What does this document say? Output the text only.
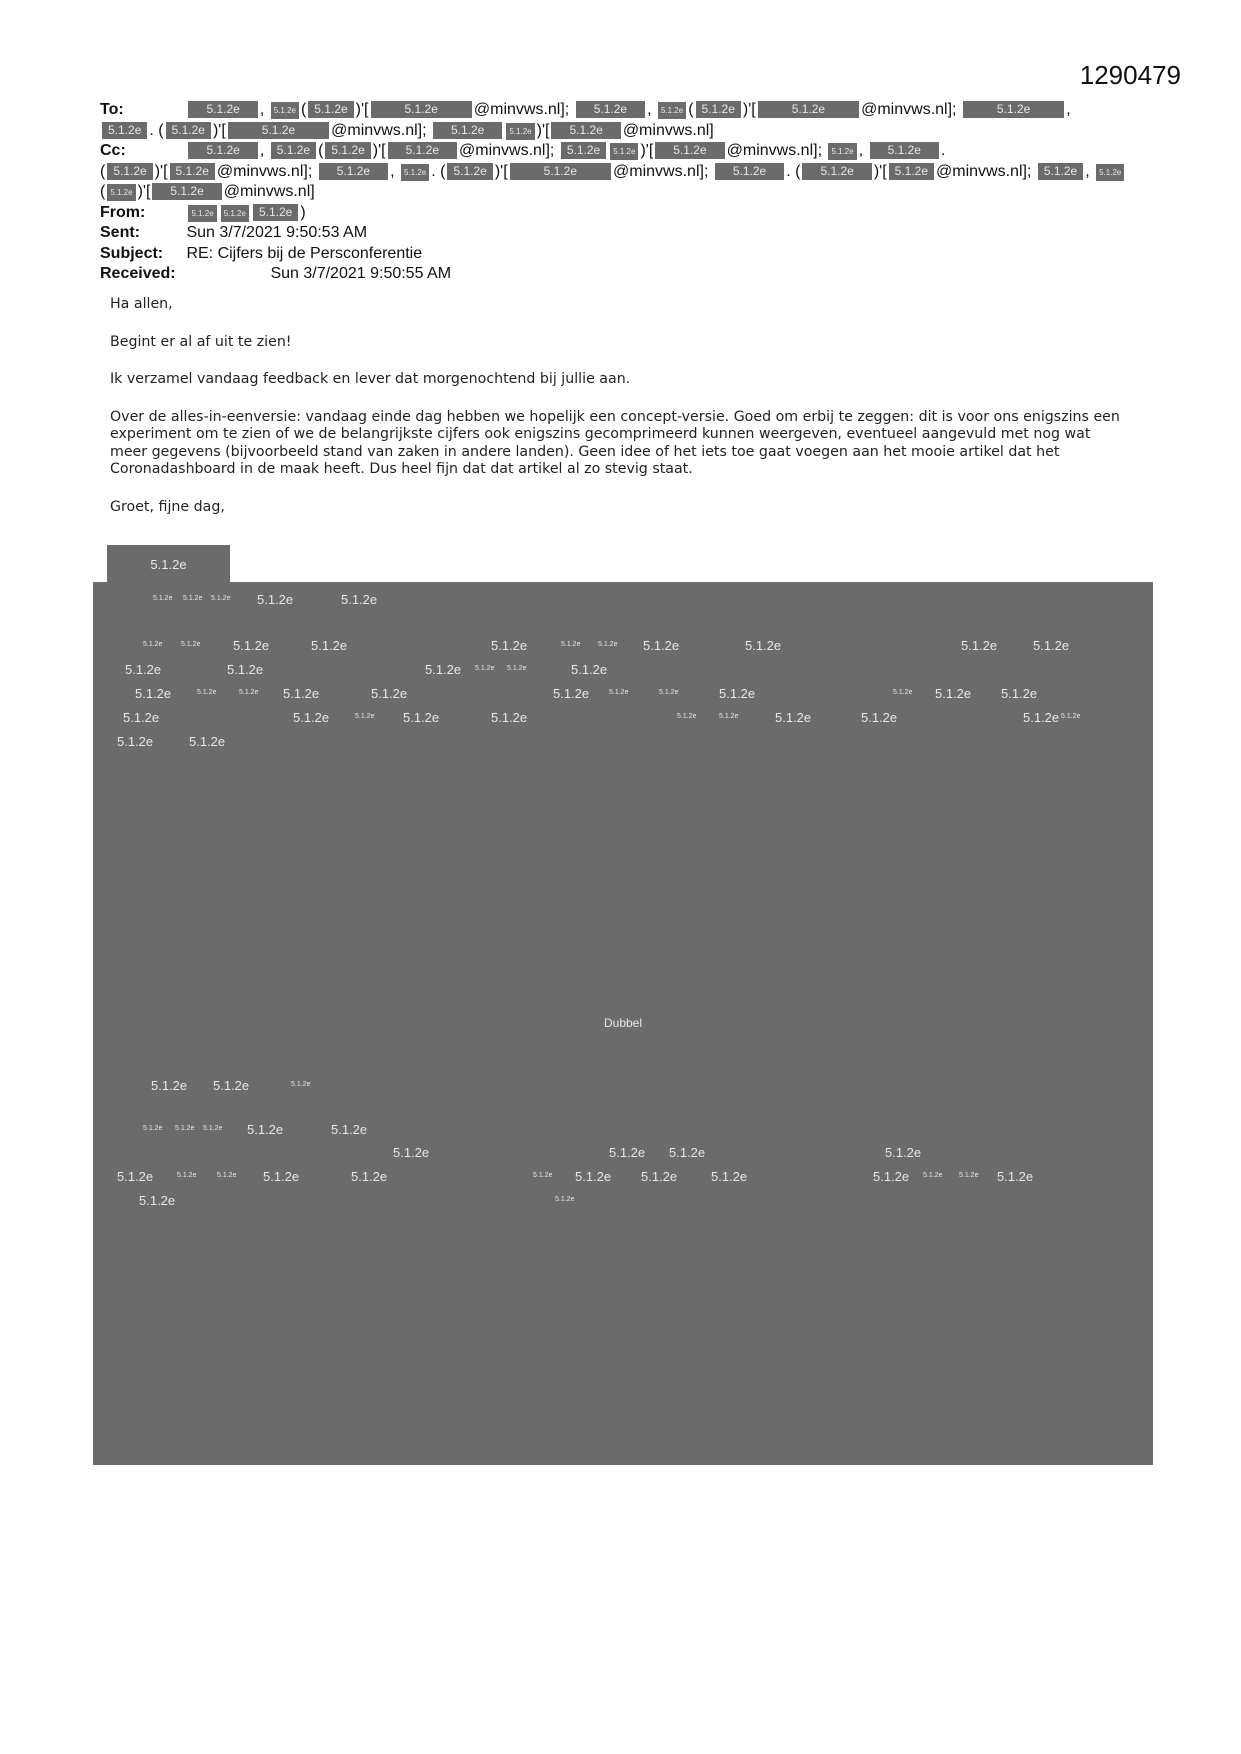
1290479
To:	5.1.2e , 5.1.2e ( 5.1.2e )'[	5.1.2e @minvws.nl]; 5.1.2e , 5.1.2e ( 5.1.2e )'[	5.1.2e @minvws.nl];	5.1.2e ,
5.1.2e . ( 5.1.2e )'[	5.1.2e @minvws.nl]; 5.1.2e	5.1.2e )'[ 5.1.2e @minvws.nl]
Cc:	5.1.2e , 5.1.2e ( 5.1.2e )'[ 5.1.2e @minvws.nl]; 5.1.2e 5.1.2e )'[ 5.1.2e @minvws.nl]; 5.1.2e , 5.1.2e .
( 5.1.2e )'[ 5.1.2e @minvws.nl]; 5.1.2e , 5.1.2e . ( 5.1.2e )'[	5.1.2e @minvws.nl]; 5.1.2e . ( 5.1.2e )'[ 5.1.2e @minvws.nl]; 5.1.2e , 5.1.2e
( 5.1.2e )'[ 5.1.2e @minvws.nl]
From:	5.1.2e 5.1.2e 5.1.2e )
Sent:	Sun 3/7/2021 9:50:53 AM
Subject: RE: Cijfers bij de Persconferentie
Received:	Sun 3/7/2021 9:50:55 AM

Ha allen,

Begint er al af uit te zien!

Ik verzamel vandaag feedback en lever dat morgenochtend bij jullie aan.

Over de alles-in-eenversie: vandaag einde dag hebben we hopelijk een concept-versie. Goed om erbij te zeggen: dit is voor ons enigszins een experiment om te zien of we de belangrijkste cijfers ook enigszins gecomprimeerd kunnen weergeven, eventueel aangevuld met nog wat meer gegevens (bijvoorbeeld stand van zaken in andere landen). Geen idee of het iets toe gaat voegen aan het mooie artikel dat het Coronadashboard in de maak heeft. Dus heel fijn dat dat artikel al zo stevig staat.

Groet, fijne dag,

5.1.2e
5.1.2e 5.1.2e 5.1.2e 5.1.2e	5.1.2e
5.1.2e	5.1.2e	5.1.2e	5.1.2e	5.1.2e	5.1.2e	5.1.2e 5.1.2e	5.1.2e	5.1.2e	5.1.2e
5.1.2e	5.1.2e	5.1.2e 5.1.2e 5.1.2e	5.1.2e
5.1.2e	5.1.2e	5.1.2e 5.1.2e	5.1.2e	5.1.2e	5.1.2e	5.1.2e	5.1.2e	5.1.2e 5.1.2e 5.1.2e
5.1.2e	5.1.2e	5.1.2e 5.1.2e	5.1.2e	5.1.2e	5.1.2e	5.1.2e	5.1.2e	5.1.2e 5.1.2e
5.1.2e	5.1.2e
Dubbel
5.1.2e 5.1.2e	5.1.2e
5.1.2e 5.1.2e 5.1.2e 5.1.2e	5.1.2e
5.1.2e	5.1.2e 5.1.2e	5.1.2e
5.1.2e	5.1.2e	5.1.2e 5.1.2e	5.1.2e	5.1.2e 5.1.2e 5.1.2e	5.1.2e	5.1.2e 5.1.2e 5.1.2e 5.1.2e
5.1.2e	5.1.2e
